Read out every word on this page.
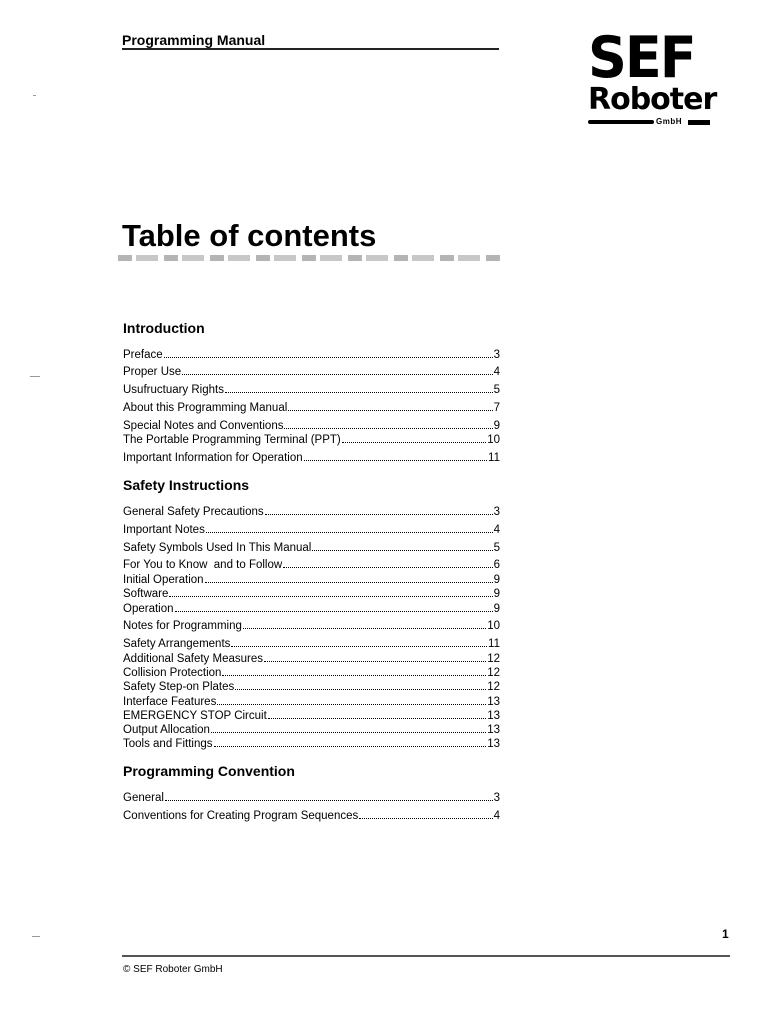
Programming Manual	SEF
Roboter
GmbH
Table of contents
Introduction
Preface	3
Proper Use	4
Usufructuary Rights	5
About this Programming Manual	7
Special Notes and Conventions	9
The Portable Programming Terminal (PPT)	10
Important Information for Operation	11
Safety Instructions
General Safety Precautions	3
Important Notes	4
Safety Symbols Used In This Manual	5
For You to Know  and to Follow	6
Initial Operation	9
Software	9
Operation	9
Notes for Programming	10
Safety Arrangements	11
Additional Safety Measures	12
Collision Protection	12
Safety Step-on Plates	12
Interface Features	13
EMERGENCY STOP Circuit	13
Output Allocation	13
Tools and Fittings	13
Programming Convention
General	3
Conventions for Creating Program Sequences	4
1
© SEF Roboter GmbH
